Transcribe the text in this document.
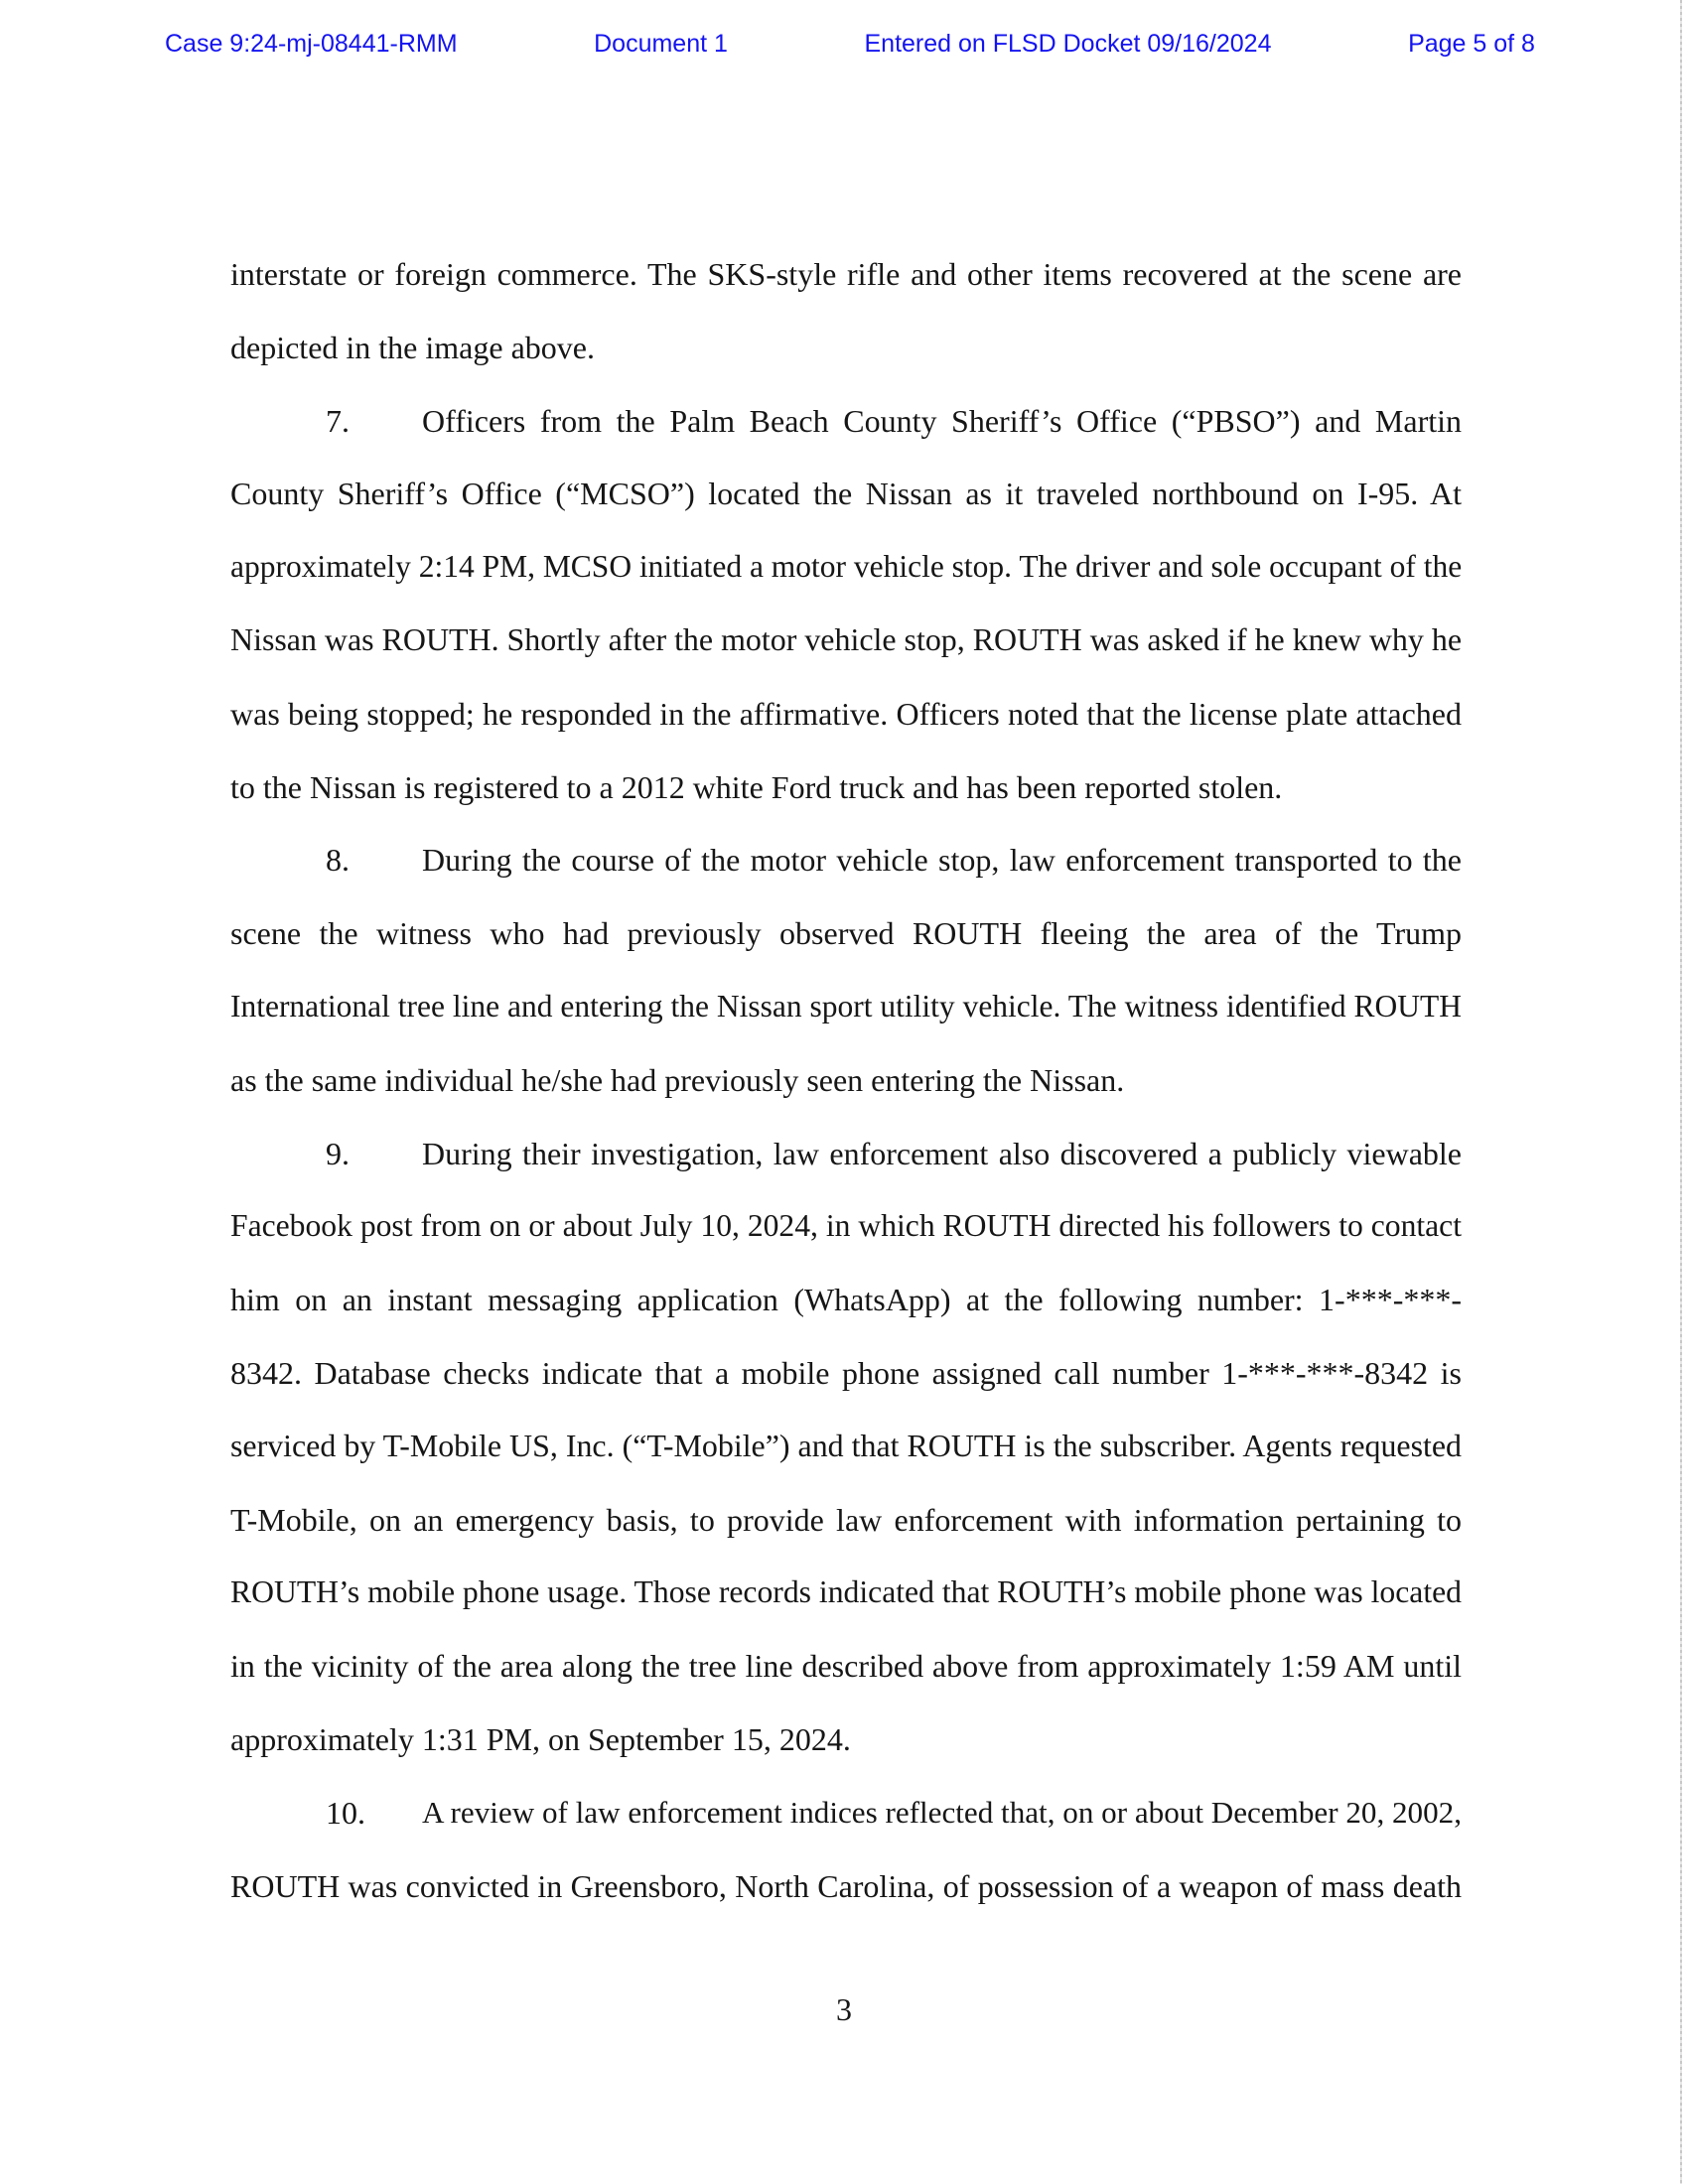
Case 9:24-mj-08441-RMM	Document 1	Entered on FLSD Docket 09/16/2024	Page 5 of 8
interstate or foreign commerce. The SKS-style rifle and other items recovered at the scene are
depicted in the image above.
7. Officers from the Palm Beach County Sheriff’s Office (“PBSO”) and Martin
County Sheriff’s Office (“MCSO”) located the Nissan as it traveled northbound on I-95. At
approximately 2:14 PM, MCSO initiated a motor vehicle stop. The driver and sole occupant of the
Nissan was ROUTH. Shortly after the motor vehicle stop, ROUTH was asked if he knew why he
was being stopped; he responded in the affirmative. Officers noted that the license plate attached
to the Nissan is registered to a 2012 white Ford truck and has been reported stolen.
8. During the course of the motor vehicle stop, law enforcement transported to the
scene the witness who had previously observed ROUTH fleeing the area of the Trump
International tree line and entering the Nissan sport utility vehicle. The witness identified ROUTH
as the same individual he/she had previously seen entering the Nissan.
9. During their investigation, law enforcement also discovered a publicly viewable
Facebook post from on or about July 10, 2024, in which ROUTH directed his followers to contact
him on an instant messaging application (WhatsApp) at the following number: 1-***-***-
8342. Database checks indicate that a mobile phone assigned call number 1-***-***-8342 is
serviced by T-Mobile US, Inc. (“T-Mobile”) and that ROUTH is the subscriber. Agents requested
T-Mobile, on an emergency basis, to provide law enforcement with information pertaining to
ROUTH’s mobile phone usage. Those records indicated that ROUTH’s mobile phone was located
in the vicinity of the area along the tree line described above from approximately 1:59 AM until
approximately 1:31 PM, on September 15, 2024.
10. A review of law enforcement indices reflected that, on or about December 20, 2002,
ROUTH was convicted in Greensboro, North Carolina, of possession of a weapon of mass death
3
